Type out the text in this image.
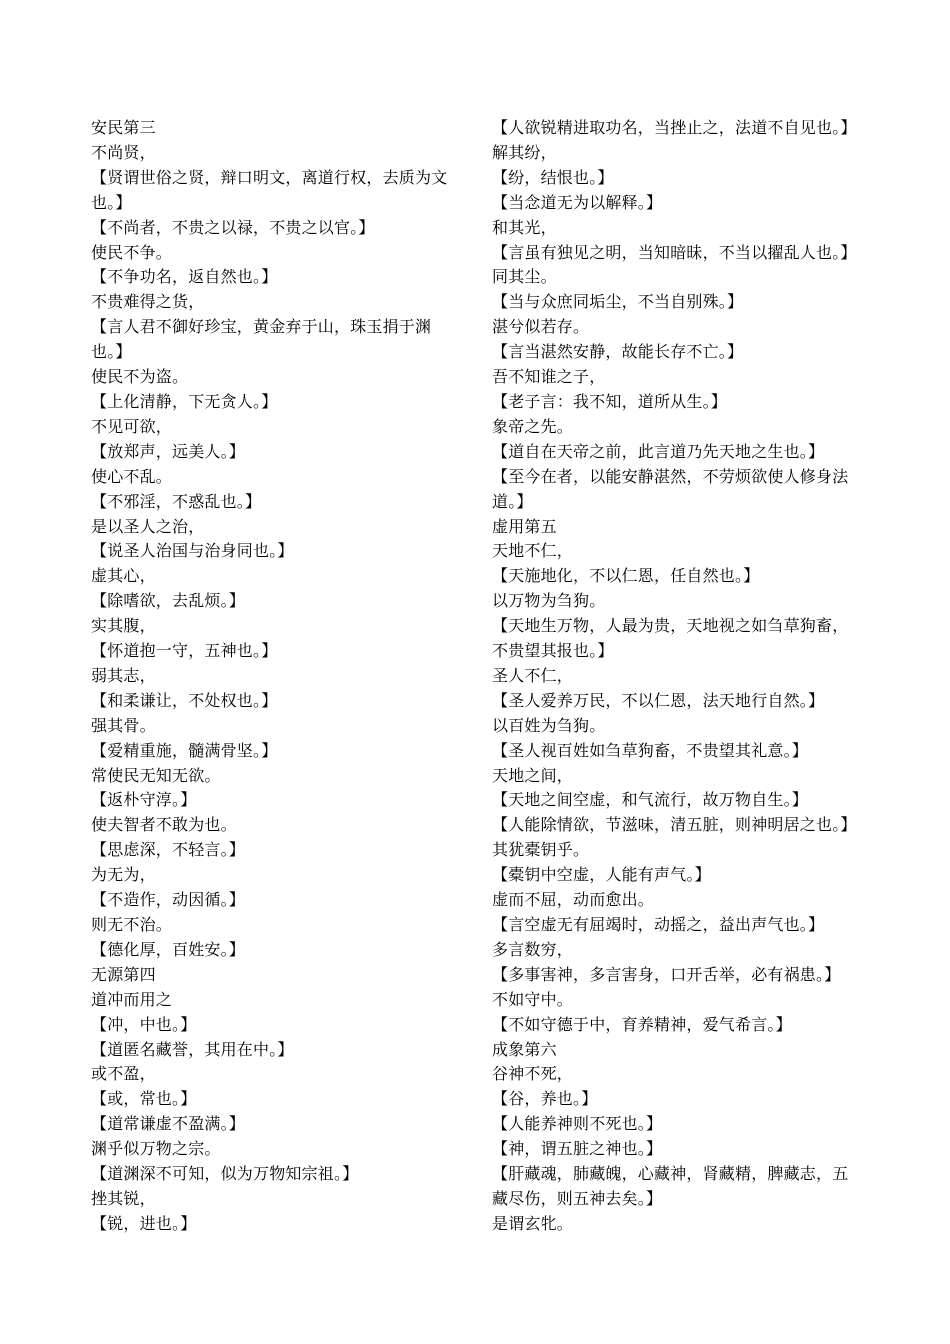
安民第三
不尚贤，
【贤谓世俗之贤，辩口明文，离道行权，去质为文
也。】
【不尚者，不贵之以禄，不贵之以官。】
使民不争。
【不争功名，返自然也。】
不贵难得之货，
【言人君不御好珍宝，黄金弃于山，珠玉捐于渊
也。】
使民不为盗。
【上化清静，下无贪人。】
不见可欲，
【放郑声，远美人。】
使心不乱。
【不邪淫，不惑乱也。】
是以圣人之治，
【说圣人治国与治身同也。】
虚其心，
【除嗜欲，去乱烦。】
实其腹，
【怀道抱一守，五神也。】
弱其志，
【和柔谦让，不处权也。】
强其骨。
【爱精重施，髓满骨坚。】
常使民无知无欲。
【返朴守淳。】
使夫智者不敢为也。
【思虑深，不轻言。】
为无为，
【不造作，动因循。】
则无不治。
【德化厚，百姓安。】
无源第四
道冲而用之
【冲，中也。】
【道匿名藏誉，其用在中。】
或不盈，
【或，常也。】
【道常谦虚不盈满。】
渊乎似万物之宗。
【道渊深不可知，似为万物知宗祖。】
挫其锐，
【锐，进也。】
【人欲锐精进取功名，当挫止之，法道不自见也。】
解其纷，
【纷，结恨也。】
【当念道无为以解释。】
和其光，
【言虽有独见之明，当知暗昧，不当以擢乱人也。】
同其尘。
【当与众庶同垢尘，不当自别殊。】
湛兮似若存。
【言当湛然安静，故能长存不亡。】
吾不知谁之子，
【老子言：我不知，道所从生。】
象帝之先。
【道自在天帝之前，此言道乃先天地之生也。】
【至今在者，以能安静湛然，不劳烦欲使人修身法
道。】
虚用第五
天地不仁，
【天施地化，不以仁恩，任自然也。】
以万物为刍狗。
【天地生万物，人最为贵，天地视之如刍草狗畜，
不贵望其报也。】
圣人不仁，
【圣人爱养万民，不以仁恩，法天地行自然。】
以百姓为刍狗。
【圣人视百姓如刍草狗畜，不贵望其礼意。】
天地之间，
【天地之间空虚，和气流行，故万物自生。】
【人能除情欲，节滋味，清五脏，则神明居之也。】
其犹橐钥乎。
【橐钥中空虚，人能有声气。】
虚而不屈，动而愈出。
【言空虚无有屈竭时，动摇之，益出声气也。】
多言数穷，
【多事害神，多言害身，口开舌举，必有祸患。】
不如守中。
【不如守德于中，育养精神，爱气希言。】
成象第六
谷神不死，
【谷，养也。】
【人能养神则不死也。】
【神，谓五脏之神也。】
【肝藏魂，肺藏魄，心藏神，肾藏精，脾藏志，五
藏尽伤，则五神去矣。】
是谓玄牝。
